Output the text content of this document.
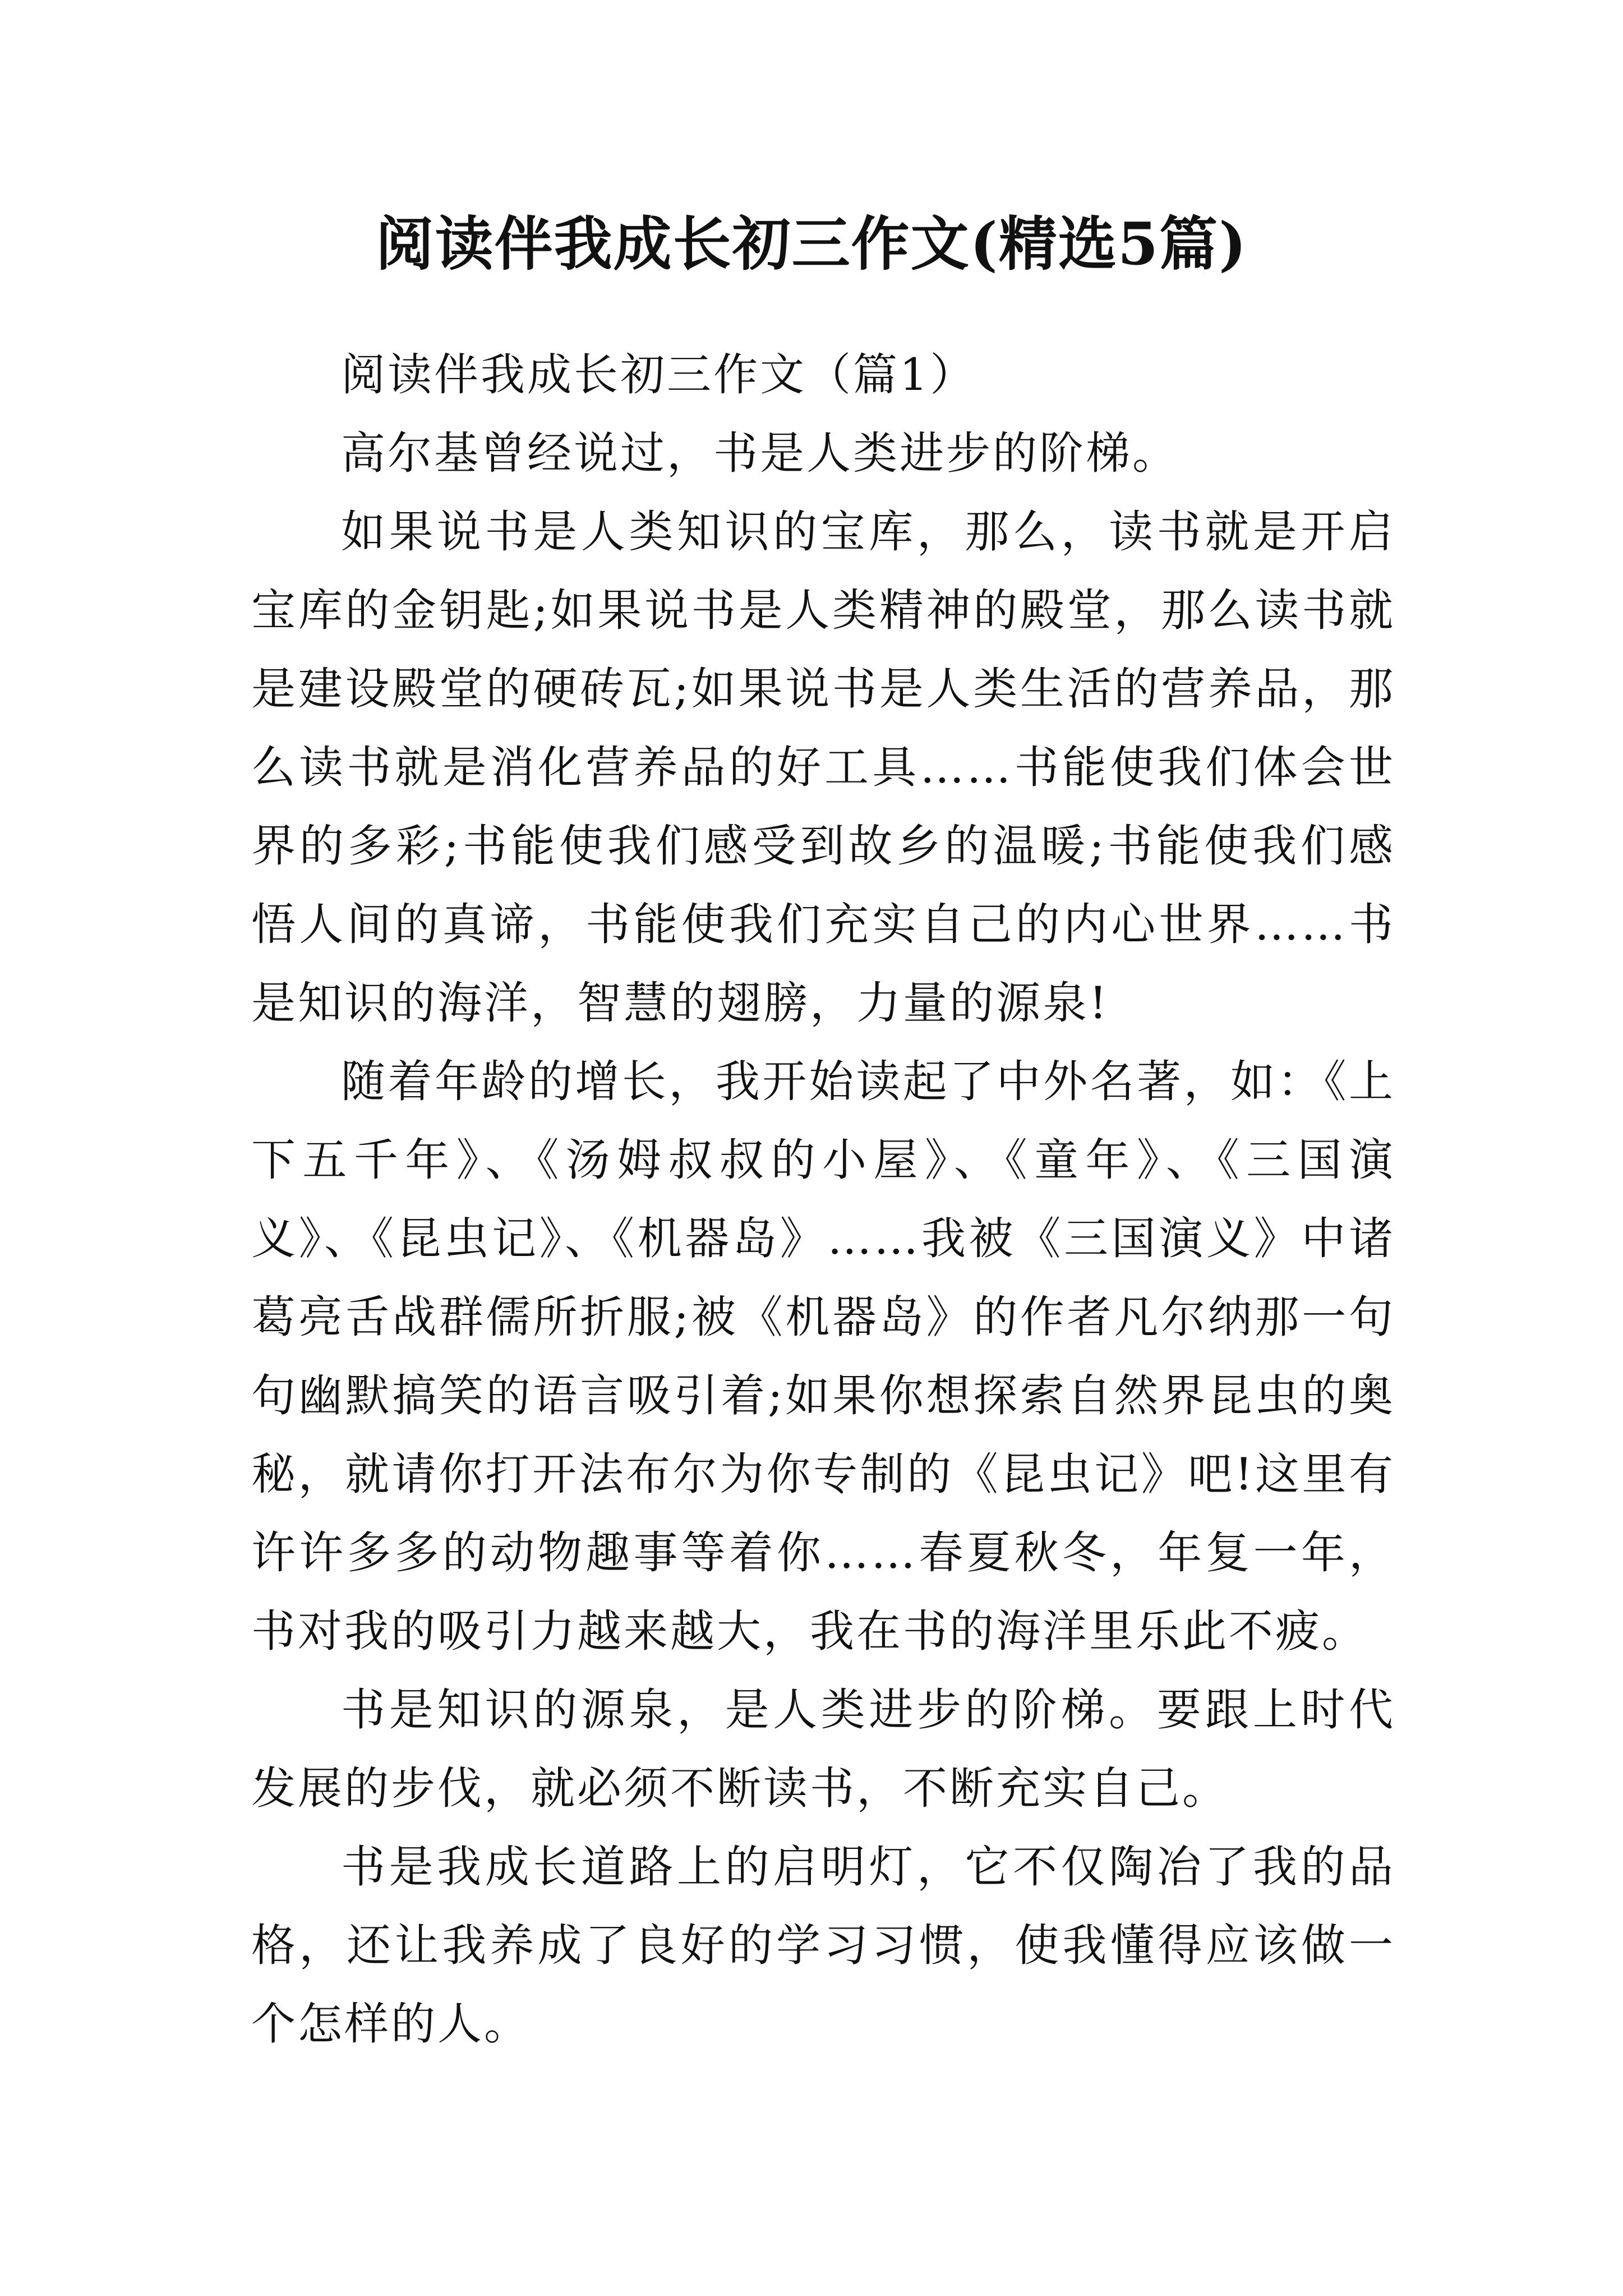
阅读伴我成长初三作文(精选5篇)

阅读伴我成长初三作文（篇1）

高尔基曾经说过，书是人类进步的阶梯。

如果说书是人类知识的宝库，那么，读书就是开启宝库的金钥匙;如果说书是人类精神的殿堂，那么读书就是建设殿堂的硬砖瓦;如果说书是人类生活的营养品，那么读书就是消化营养品的好工具……书能使我们体会世界的多彩;书能使我们感受到故乡的温暖;书能使我们感悟人间的真谛，书能使我们充实自己的内心世界……书是知识的海洋，智慧的翅膀，力量的源泉!

随着年龄的增长，我开始读起了中外名著，如：《上下五千年》、《汤姆叔叔的小屋》、《童年》、《三国演义》、《昆虫记》、《机器岛》……我被《三国演义》中诸葛亮舌战群儒所折服;被《机器岛》的作者凡尔纳那一句句幽默搞笑的语言吸引着;如果你想探索自然界昆虫的奥秘，就请你打开法布尔为你专制的《昆虫记》吧!这里有许许多多的动物趣事等着你……春夏秋冬，年复一年，书对我的吸引力越来越大，我在书的海洋里乐此不疲。

书是知识的源泉，是人类进步的阶梯。要跟上时代发展的步伐，就必须不断读书，不断充实自己。

书是我成长道路上的启明灯，它不仅陶冶了我的品格，还让我养成了良好的学习习惯，使我懂得应该做一个怎样的人。
